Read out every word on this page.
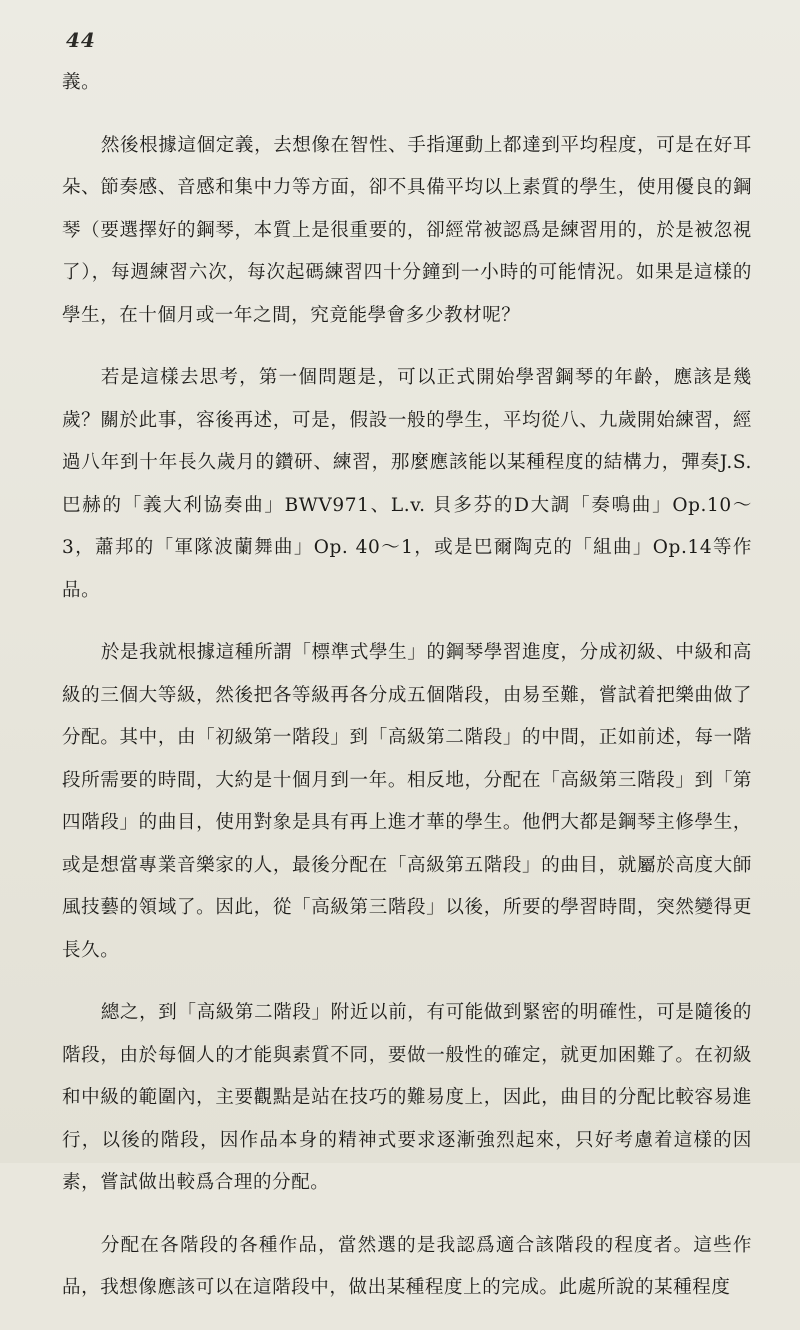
44

義。

然後根據這個定義，去想像在智性、手指運動上都達到平均程度，可是在好耳朵、節奏感、音感和集中力等方面，卻不具備平均以上素質的學生，使用優良的鋼琴（要選擇好的鋼琴，本質上是很重要的，卻經常被認爲是練習用的，於是被忽視了），每週練習六次，每次起碼練習四十分鐘到一小時的可能情況。如果是這樣的學生，在十個月或一年之間，究竟能學會多少教材呢？

若是這樣去思考，第一個問題是，可以正式開始學習鋼琴的年齡，應該是幾歲？關於此事，容後再述，可是，假設一般的學生，平均從八、九歲開始練習，經過八年到十年長久歲月的鑽研、練習，那麼應該能以某種程度的結構力，彈奏J.S. 巴赫的「義大利協奏曲」BWV971、L.v. 貝多芬的D大調「奏鳴曲」Op.10～3，蕭邦的「軍隊波蘭舞曲」Op. 40～1，或是巴爾陶克的「組曲」Op.14等作品。

於是我就根據這種所謂「標準式學生」的鋼琴學習進度，分成初級、中級和高級的三個大等級，然後把各等級再各分成五個階段，由易至難，嘗試着把樂曲做了分配。其中，由「初級第一階段」到「高級第二階段」的中間，正如前述，每一階段所需要的時間，大約是十個月到一年。相反地，分配在「高級第三階段」到「第四階段」的曲目，使用對象是具有再上進才華的學生。他們大都是鋼琴主修學生，或是想當專業音樂家的人，最後分配在「高級第五階段」的曲目，就屬於高度大師風技藝的領域了。因此，從「高級第三階段」以後，所要的學習時間，突然變得更長久。

總之，到「高級第二階段」附近以前，有可能做到緊密的明確性，可是隨後的階段，由於每個人的才能與素質不同，要做一般性的確定，就更加困難了。在初級和中級的範圍內，主要觀點是站在技巧的難易度上，因此，曲目的分配比較容易進行，以後的階段，因作品本身的精神式要求逐漸強烈起來，只好考慮着這樣的因素，嘗試做出較爲合理的分配。

分配在各階段的各種作品，當然選的是我認爲適合該階段的程度者。這些作品，我想像應該可以在這階段中，做出某種程度上的完成。此處所說的某種程度
